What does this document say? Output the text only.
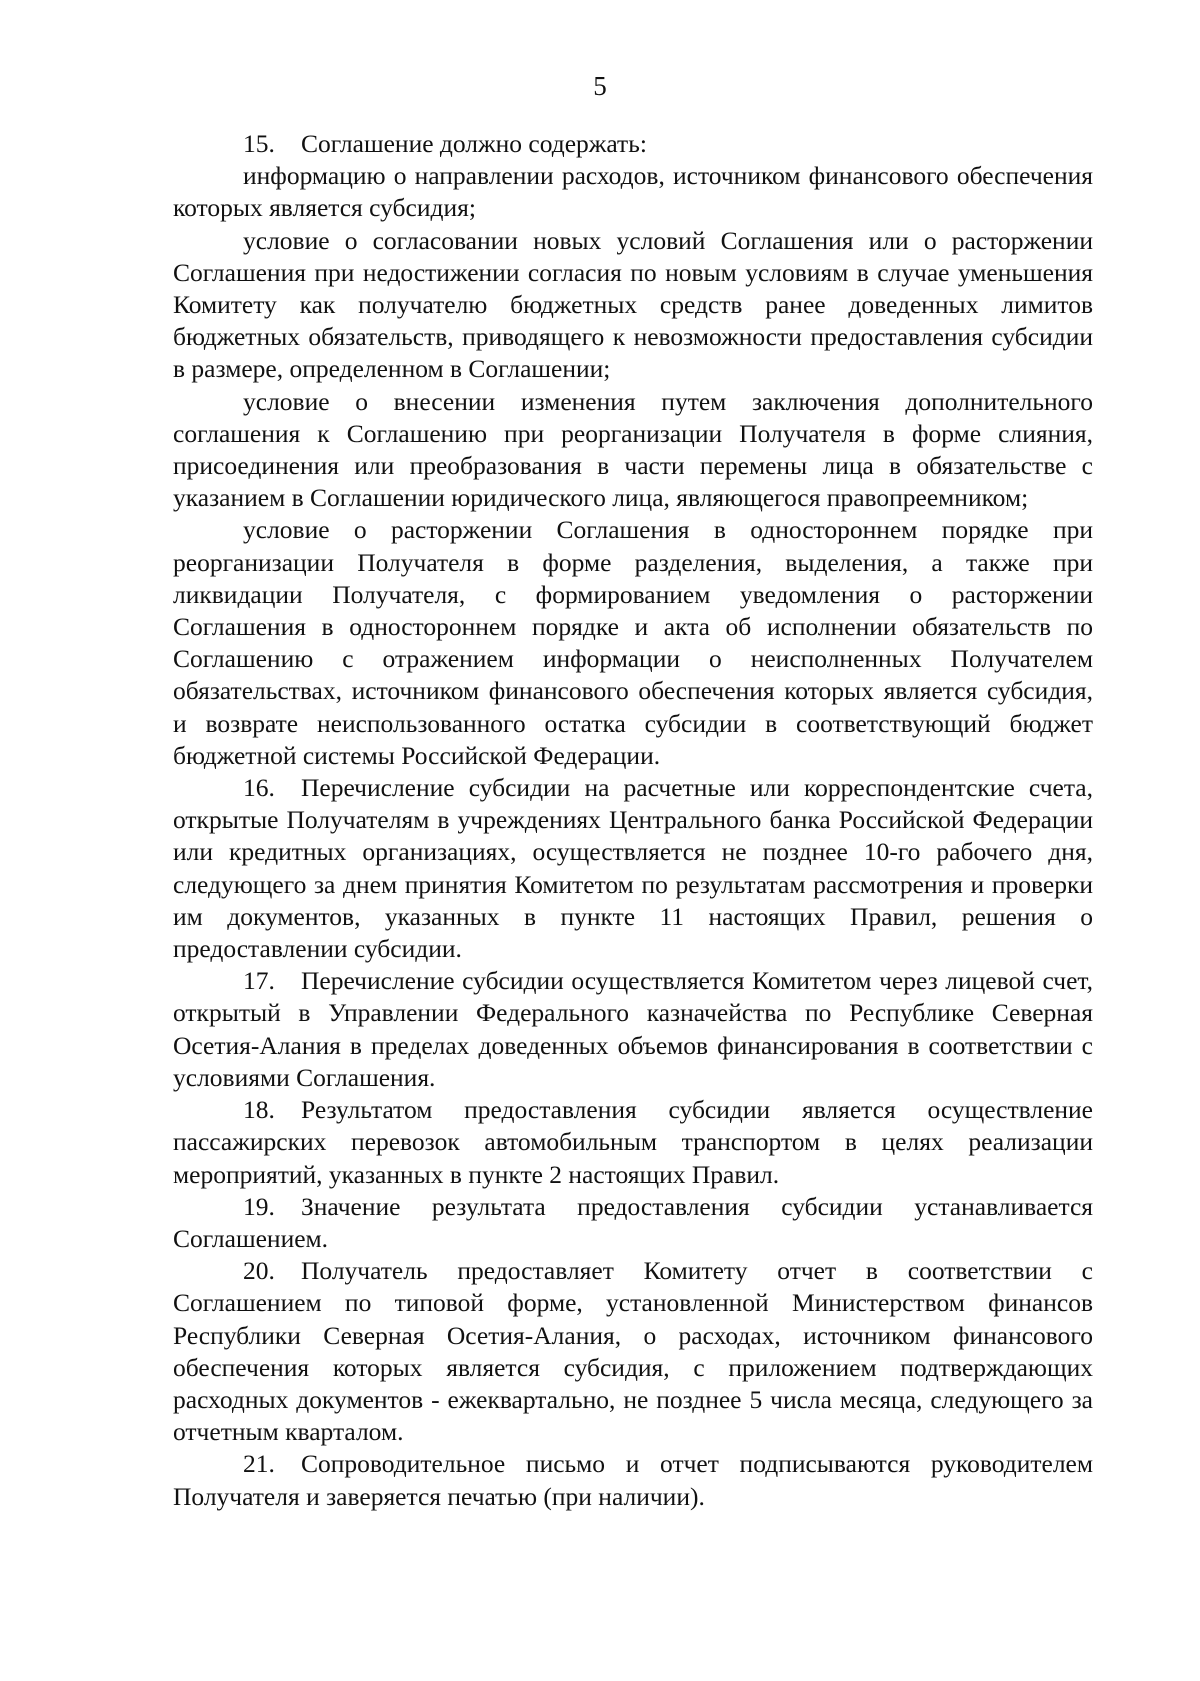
5

15. Соглашение должно содержать:

информацию о направлении расходов, источником финансового обеспечения которых является субсидия;

условие о согласовании новых условий Соглашения или о расторжении Соглашения при недостижении согласия по новым условиям в случае уменьшения Комитету как получателю бюджетных средств ранее доведенных лимитов бюджетных обязательств, приводящего к невозможности предоставления субсидии в размере, определенном в Соглашении;

условие о внесении изменения путем заключения дополнительного соглашения к Соглашению при реорганизации Получателя в форме слияния, присоединения или преобразования в части перемены лица в обязательстве с указанием в Соглашении юридического лица, являющегося правопреемником;

условие о расторжении Соглашения в одностороннем порядке при реорганизации Получателя в форме разделения, выделения, а также при ликвидации Получателя, с формированием уведомления о расторжении Соглашения в одностороннем порядке и акта об исполнении обязательств по Соглашению с отражением информации о неисполненных Получателем обязательствах, источником финансового обеспечения которых является субсидия, и возврате неиспользованного остатка субсидии в соответствующий бюджет бюджетной системы Российской Федерации.

16. Перечисление субсидии на расчетные или корреспондентские счета, открытые Получателям в учреждениях Центрального банка Российской Федерации или кредитных организациях, осуществляется не позднее 10-го рабочего дня, следующего за днем принятия Комитетом по результатам рассмотрения и проверки им документов, указанных в пункте 11 настоящих Правил, решения о предоставлении субсидии.

17. Перечисление субсидии осуществляется Комитетом через лицевой счет, открытый в Управлении Федерального казначейства по Республике Северная Осетия-Алания в пределах доведенных объемов финансирования в соответствии с условиями Соглашения.

18. Результатом предоставления субсидии является осуществление пассажирских перевозок автомобильным транспортом в целях реализации мероприятий, указанных в пункте 2 настоящих Правил.

19. Значение результата предоставления субсидии устанавливается Соглашением.

20. Получатель предоставляет Комитету отчет в соответствии с Соглашением по типовой форме, установленной Министерством финансов Республики Северная Осетия-Алания, о расходах, источником финансового обеспечения которых является субсидия, с приложением подтверждающих расходных документов - ежеквартально, не позднее 5 числа месяца, следующего за отчетным кварталом.

21. Сопроводительное письмо и отчет подписываются руководителем Получателя и заверяется печатью (при наличии).
